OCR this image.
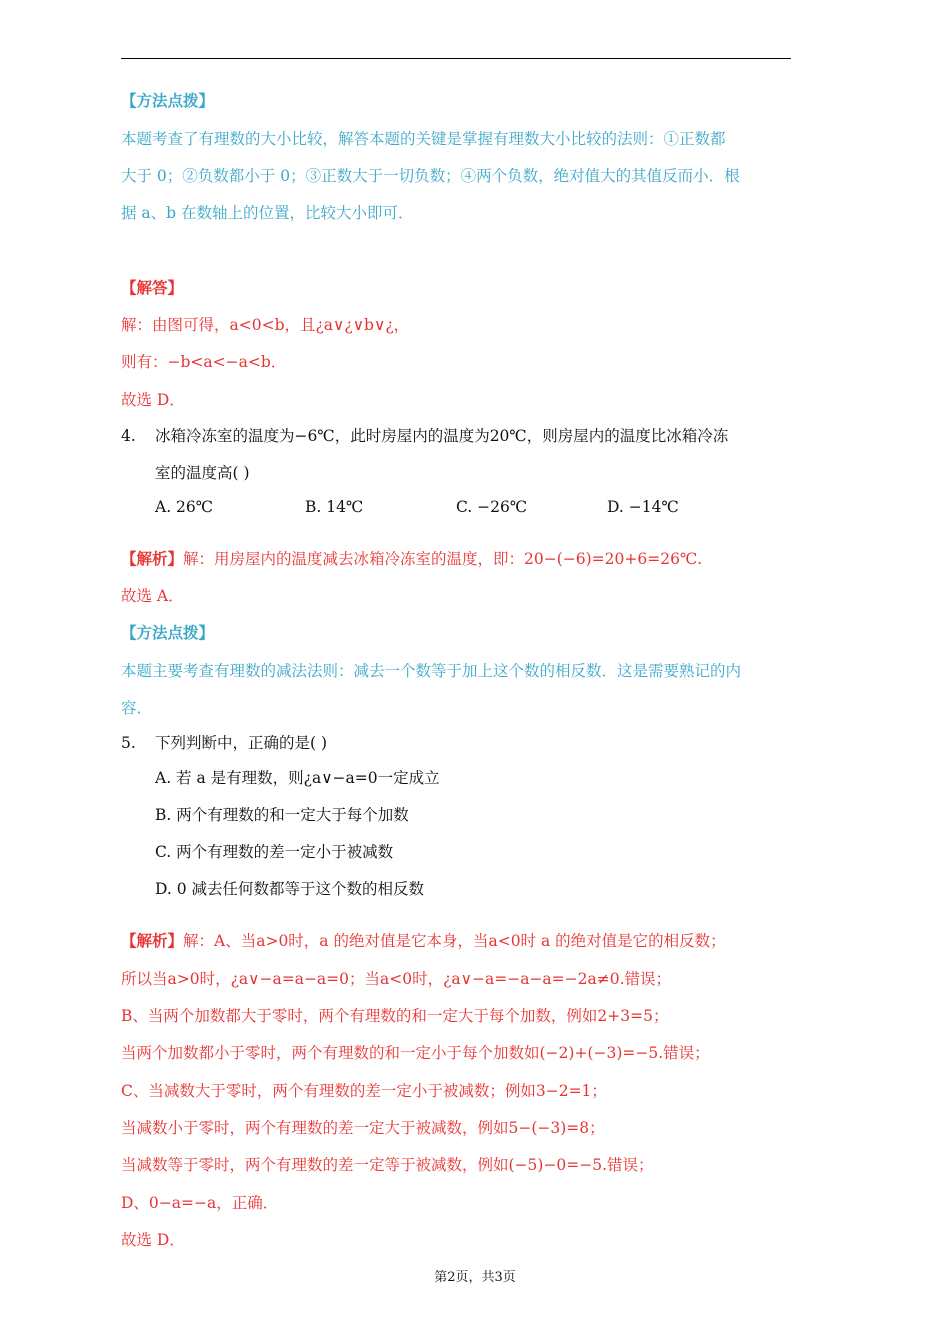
【方法点拨】
本题考查了有理数的大小比较，解答本题的关键是掌握有理数大小比较的法则：①正数都
大于 0；②负数都小于 0；③正数大于一切负数；④两个负数，绝对值大的其值反而小．根
据 a、b 在数轴上的位置，比较大小即可．
【解答】
解：由图可得，a<0<b，且¿a∨¿∨b∨¿，
则有：−b<a<−a<b．
故选 D．
4. 冰箱冷冻室的温度为−6℃，此时房屋内的温度为20℃，则房屋内的温度比冰箱冷冻
室的温度高( )
A. 26℃	B. 14℃	C. −26℃	D. −14℃
【解析】解：用房屋内的温度减去冰箱冷冻室的温度，即：20−(−6)=20+6=26℃.
故选 A．
【方法点拨】
本题主要考查有理数的减法法则：减去一个数等于加上这个数的相反数．这是需要熟记的内
容．
5. 下列判断中，正确的是( )
A. 若 a 是有理数，则¿a∨−a=0一定成立
B. 两个有理数的和一定大于每个加数
C. 两个有理数的差一定小于被减数
D. 0 减去任何数都等于这个数的相反数
【解析】解：A、当a>0时，a 的绝对值是它本身，当a<0时 a 的绝对值是它的相反数；
所以当a>0时，¿a∨−a=a−a=0；当a<0时，¿a∨−a=−a−a=−2a≠0.错误；
B、当两个加数都大于零时，两个有理数的和一定大于每个加数，例如2+3=5；
当两个加数都小于零时，两个有理数的和一定小于每个加数如(−2)+(−3)=−5.错误；
C、当减数大于零时，两个有理数的差一定小于被减数；例如3−2=1；
当减数小于零时，两个有理数的差一定大于被减数，例如5−(−3)=8；
当减数等于零时，两个有理数的差一定等于被减数，例如(−5)−0=−5.错误；
D、0−a=−a，正确．
故选 D．
第2页，共3页
